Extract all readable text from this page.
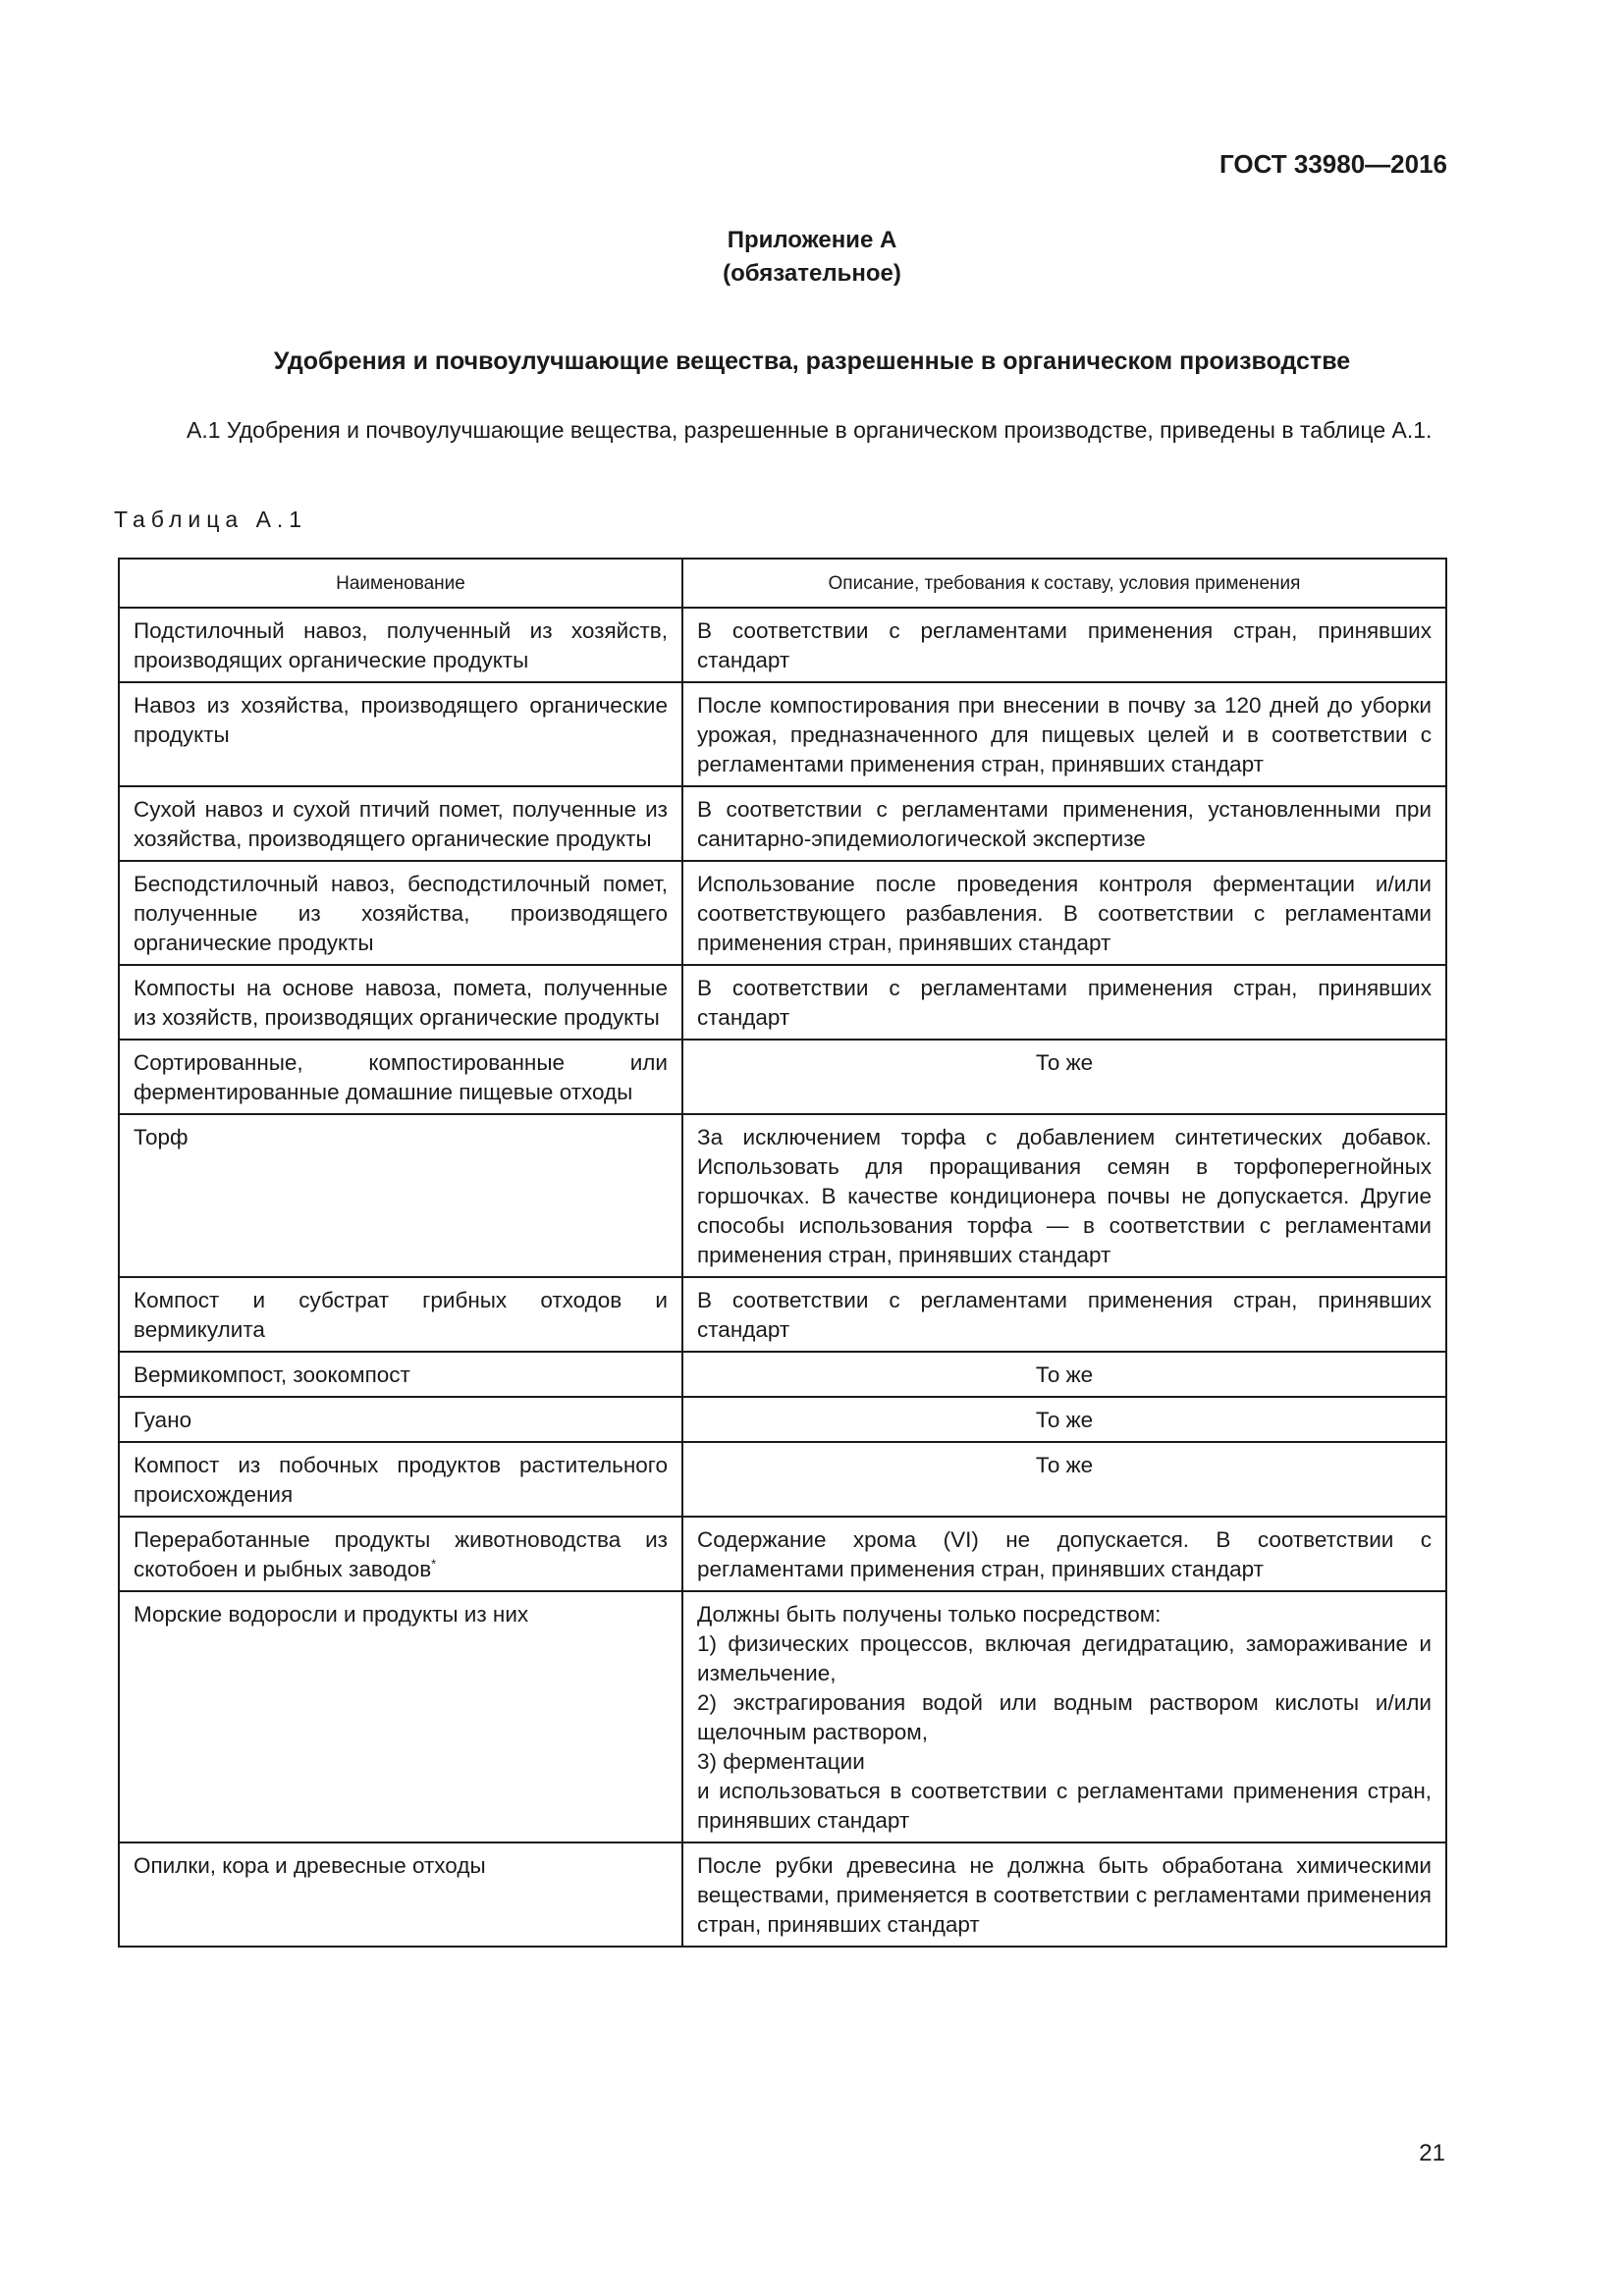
ГОСТ 33980—2016
Приложение А
(обязательное)
Удобрения и почвоулучшающие вещества, разрешенные в органическом производстве
А.1 Удобрения и почвоулучшающие вещества, разрешенные в органическом производстве, приведены в таблице А.1.
Таблица А.1
Наименование	Описание, требования к составу, условия применения
Подстилочный навоз, полученный из хозяйств, производящих органические продукты	В соответствии с регламентами применения стран, принявших стандарт
Навоз из хозяйства, производящего органические продукты	После компостирования при внесении в почву за 120 дней до уборки урожая, предназначенного для пищевых целей и в соответствии с регламентами применения стран, принявших стандарт
Сухой навоз и сухой птичий помет, полученные из хозяйства, производящего органические продукты	В соответствии с регламентами применения, установленными при санитарно-эпидемиологической экспертизе
Бесподстилочный навоз, бесподстилочный помет, полученные из хозяйства, производящего органические продукты	Использование после проведения контроля ферментации и/или соответствующего разбавления. В соответствии с регламентами применения стран, принявших стандарт
Компосты на основе навоза, помета, полученные из хозяйств, производящих органические продукты	В соответствии с регламентами применения стран, принявших стандарт
Сортированные, компостированные или ферментированные домашние пищевые отходы	То же
Торф	За исключением торфа с добавлением синтетических добавок. Использовать для проращивания семян в торфоперегнойных горшочках. В качестве кондиционера почвы не допускается. Другие способы использования торфа — в соответствии с регламентами применения стран, принявших стандарт
Компост и субстрат грибных отходов и вермикулита	В соответствии с регламентами применения стран, принявших стандарт
Вермикомпост, зоокомпост	То же
Гуано	То же
Компост из побочных продуктов растительного происхождения	То же
Переработанные продукты животноводства из скотобоен и рыбных заводов*	Содержание хрома (VI) не допускается. В соответствии с регламентами применения стран, принявших стандарт
Морские водоросли и продукты из них	Должны быть получены только посредством:
1) физических процессов, включая дегидратацию, замораживание и измельчение,
2) экстрагирования водой или водным раствором кислоты и/или щелочным раствором,
3) ферментации
и использоваться в соответствии с регламентами применения стран, принявших стандарт
Опилки, кора и древесные отходы	После рубки древесина не должна быть обработана химическими веществами, применяется в соответствии с регламентами применения стран, принявших стандарт
21
